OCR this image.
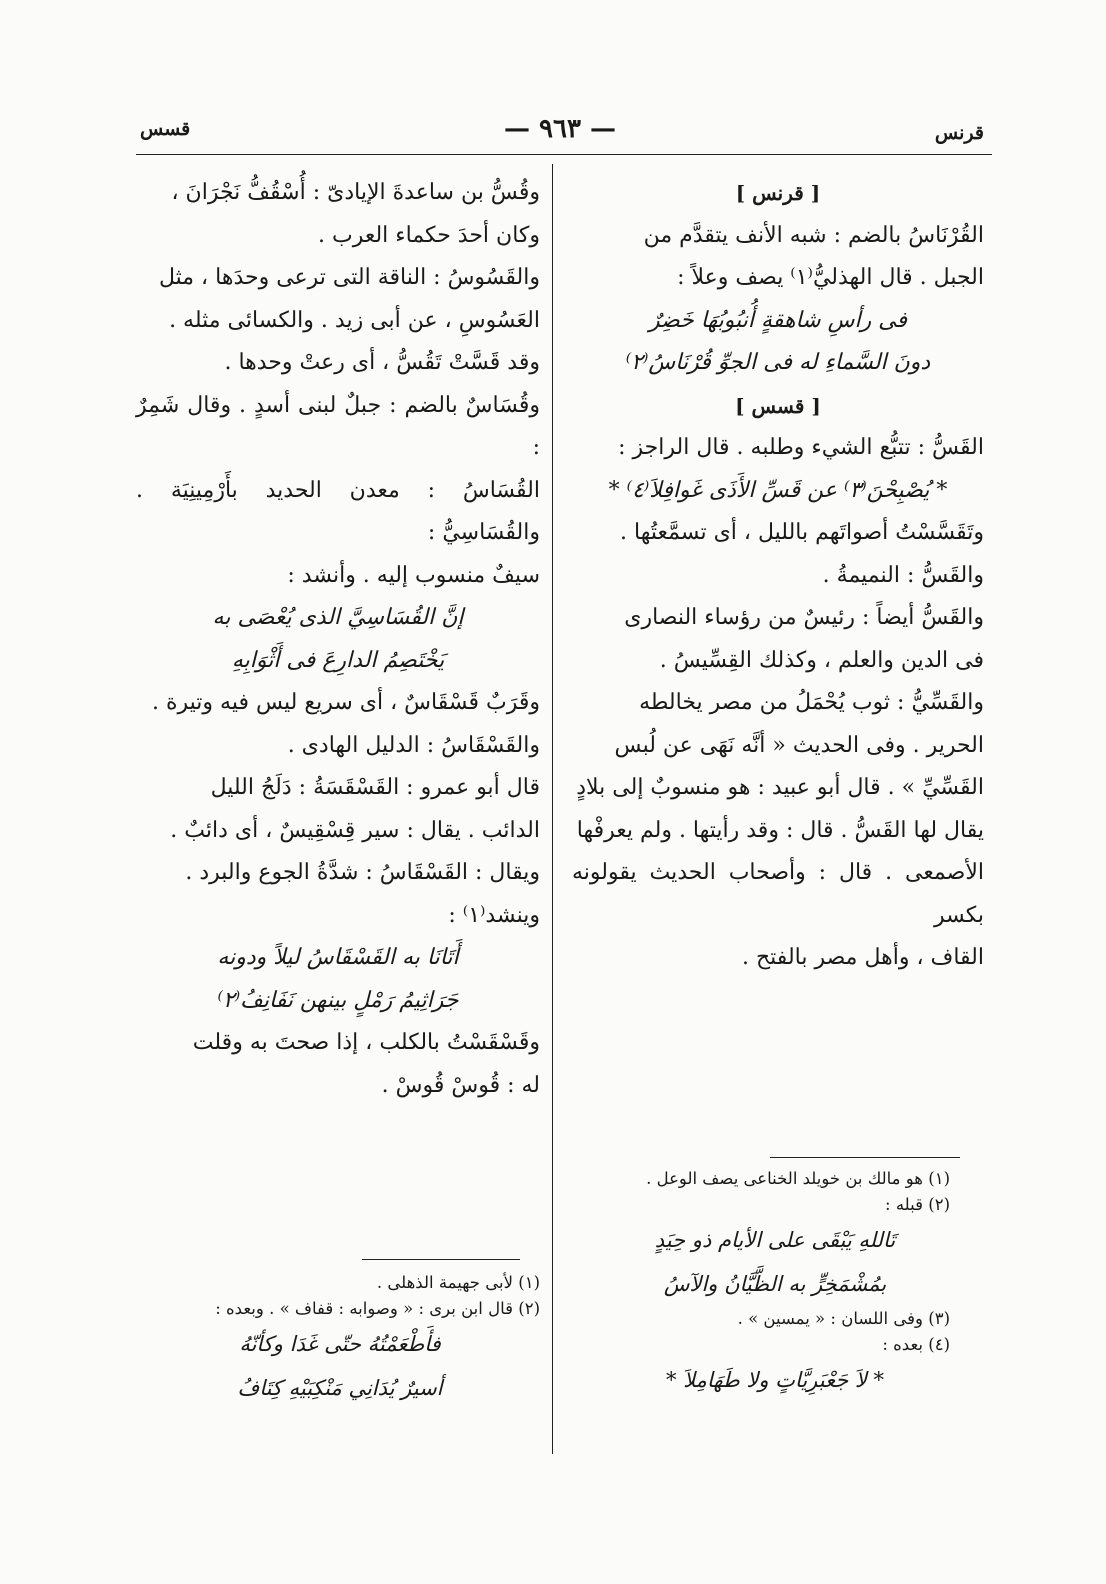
قسس	— ٩٦٣ —	قرنس

[ قرنس ]

القُرْنَاسُ بالضم : شبه الأنف يتقدَّم من

الجبل . قال الهذليُّ⁽١⁾ يصف وعلاً :

فى رأسِ شاهقةٍ أُنبُوبُهَا خَضِرٌ

دونَ السَّماءِ له فى الجوِّ قُرْنَاسُ⁽٢⁾

[ قسس ]

القَسُّ : تتبُّع الشيء وطلبه . قال الراجز :

* يُصْبِحْنَ⁽٣⁾ عن قَسِّ الأَذَى غَوافِلاَ⁽٤⁾ *

وتَقَسَّسْتُ أصواتَهم بالليل ، أى تسمَّعتُها .

والقَسُّ : النميمةُ .

والقَسُّ أيضاً : رئيسٌ من رؤساء النصارى

فى الدين والعلم ، وكذلك القِسِّيسُ .

والقَسِّيُّ : ثوب يُحْمَلُ من مصر يخالطه

الحرير . وفى الحديث « أنَّه نَهَى عن لُبس

القَسِّيِّ » . قال أبو عبيد : هو منسوبٌ إلى بلادٍ

يقال لها القَسُّ . قال : وقد رأيتها . ولم يعرفْها

الأصمعى . قال : وأصحاب الحديث يقولونه بكسر

القاف ، وأهل مصر بالفتح .

وقُسُّ بن ساعدةَ الإيادىّ : أُسْقُفُّ نَجْرَانَ ،

وكان أحدَ حكماء العرب .

والقَسُوسُ : الناقة التى ترعى وحدَها ، مثل

العَسُوسِ ، عن أبى زيد . والكسائى مثله .

وقد قَسَّتْ تَقُسُّ ، أى رعتْ وحدها .

وقُسَاسٌ بالضم : جبلٌ لبنى أسدٍ . وقال شَمِرٌ :

القُسَاسُ : معدن الحديد بأَرْمِينِيَة . والقُسَاسِيُّ :

سيفٌ منسوب إليه . وأنشد :

إنَّ القُسَاسِيَّ الذى يُعْصَى به

يَخْتَصِمُ الدارِعَ فى أَثْوَابِهِ

وقَرَبٌ قَسْقَاسٌ ، أى سريع ليس فيه وتيرة .

والقَسْقَاسُ : الدليل الهادى .

قال أبو عمرو : القَسْقَسَةُ : دَلَجُ الليل

الدائب . يقال : سير قِسْقِيسٌ ، أى دائبٌ .

ويقال : القَسْقَاسُ : شدَّةُ الجوع والبرد .

وينشد⁽١⁾ :

أَتَانَا به القَسْقَاسُ ليلاً ودونه

جَرَاثِيمُ رَمْلٍ بينهن نَفَانِفُ⁽٢⁾

وقَسْقَسْتُ بالكلب ، إذا صحتَ به وقلت

له : قُوسْ قُوسْ .

(١) هو مالك بن خويلد الخناعى يصف الوعل .

(٢) قبله :

تَاللهِ يَبْقَى على الأيام ذو حِيَدٍ

بمُشْمَخِرٍّ به الظَّيَّانُ والآسُ

(٣) وفى اللسان : « يمسين » .

(٤) بعده :

* لاَ جَعْبَرِيَّاتٍ ولا طَهَامِلاَ *

(١) لأبى جهيمة الذهلى .

(٢) قال ابن برى : « وصوابه : قفاف » . وبعده :

فأَطْعَمْتُهُ حتّى غَدَا وكأنّهُ

أسيرٌ يُدَانِي مَنْكِبَيْهِ كِتَافُ
